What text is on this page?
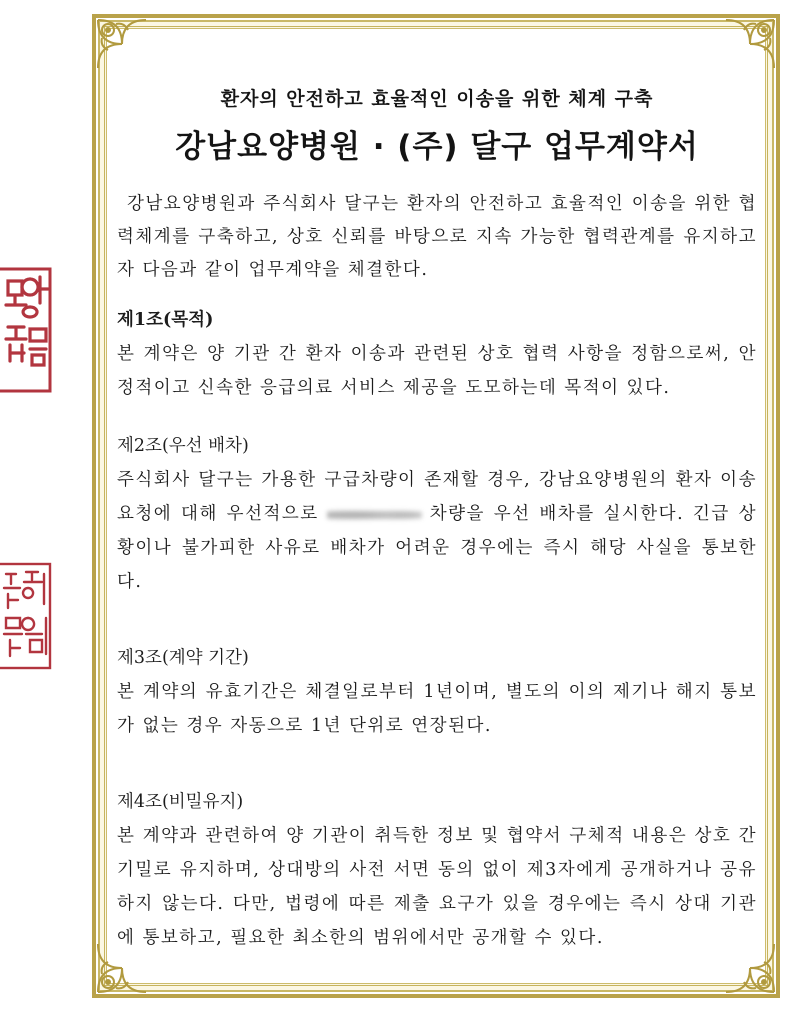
환자의 안전하고 효율적인 이송을 위한 체계 구축

강남요양병원 · (주) 달구 업무계약서

강남요양병원과 주식회사 달구는 환자의 안전하고 효율적인 이송을 위한 협력체계를 구축하고, 상호 신뢰를 바탕으로 지속 가능한 협력관계를 유지하고자 다음과 같이 업무계약을 체결한다.

제1조(목적)

본 계약은 양 기관 간 환자 이송과 관련된 상호 협력 사항을 정함으로써, 안정적이고 신속한 응급의료 서비스 제공을 도모하는데 목적이 있다.

제2조(우선 배차)

주식회사 달구는 가용한 구급차량이 존재할 경우, 강남요양병원의 환자 이송 요청에 대해 우선적으로	차량을 우선 배차를 실시한다. 긴급 상황이나 불가피한 사유로 배차가 어려운 경우에는 즉시 해당 사실을 통보한다.

제3조(계약 기간)

본 계약의 유효기간은 체결일로부터 1년이며, 별도의 이의 제기나 해지 통보가 없는 경우 자동으로 1년 단위로 연장된다.

제4조(비밀유지)

본 계약과 관련하여 양 기관이 취득한 정보 및 협약서 구체적 내용은 상호 간 기밀로 유지하며, 상대방의 사전 서면 동의 없이 제3자에게 공개하거나 공유하지 않는다. 다만, 법령에 따른 제출 요구가 있을 경우에는 즉시 상대 기관에 통보하고, 필요한 최소한의 범위에서만 공개할 수 있다.
